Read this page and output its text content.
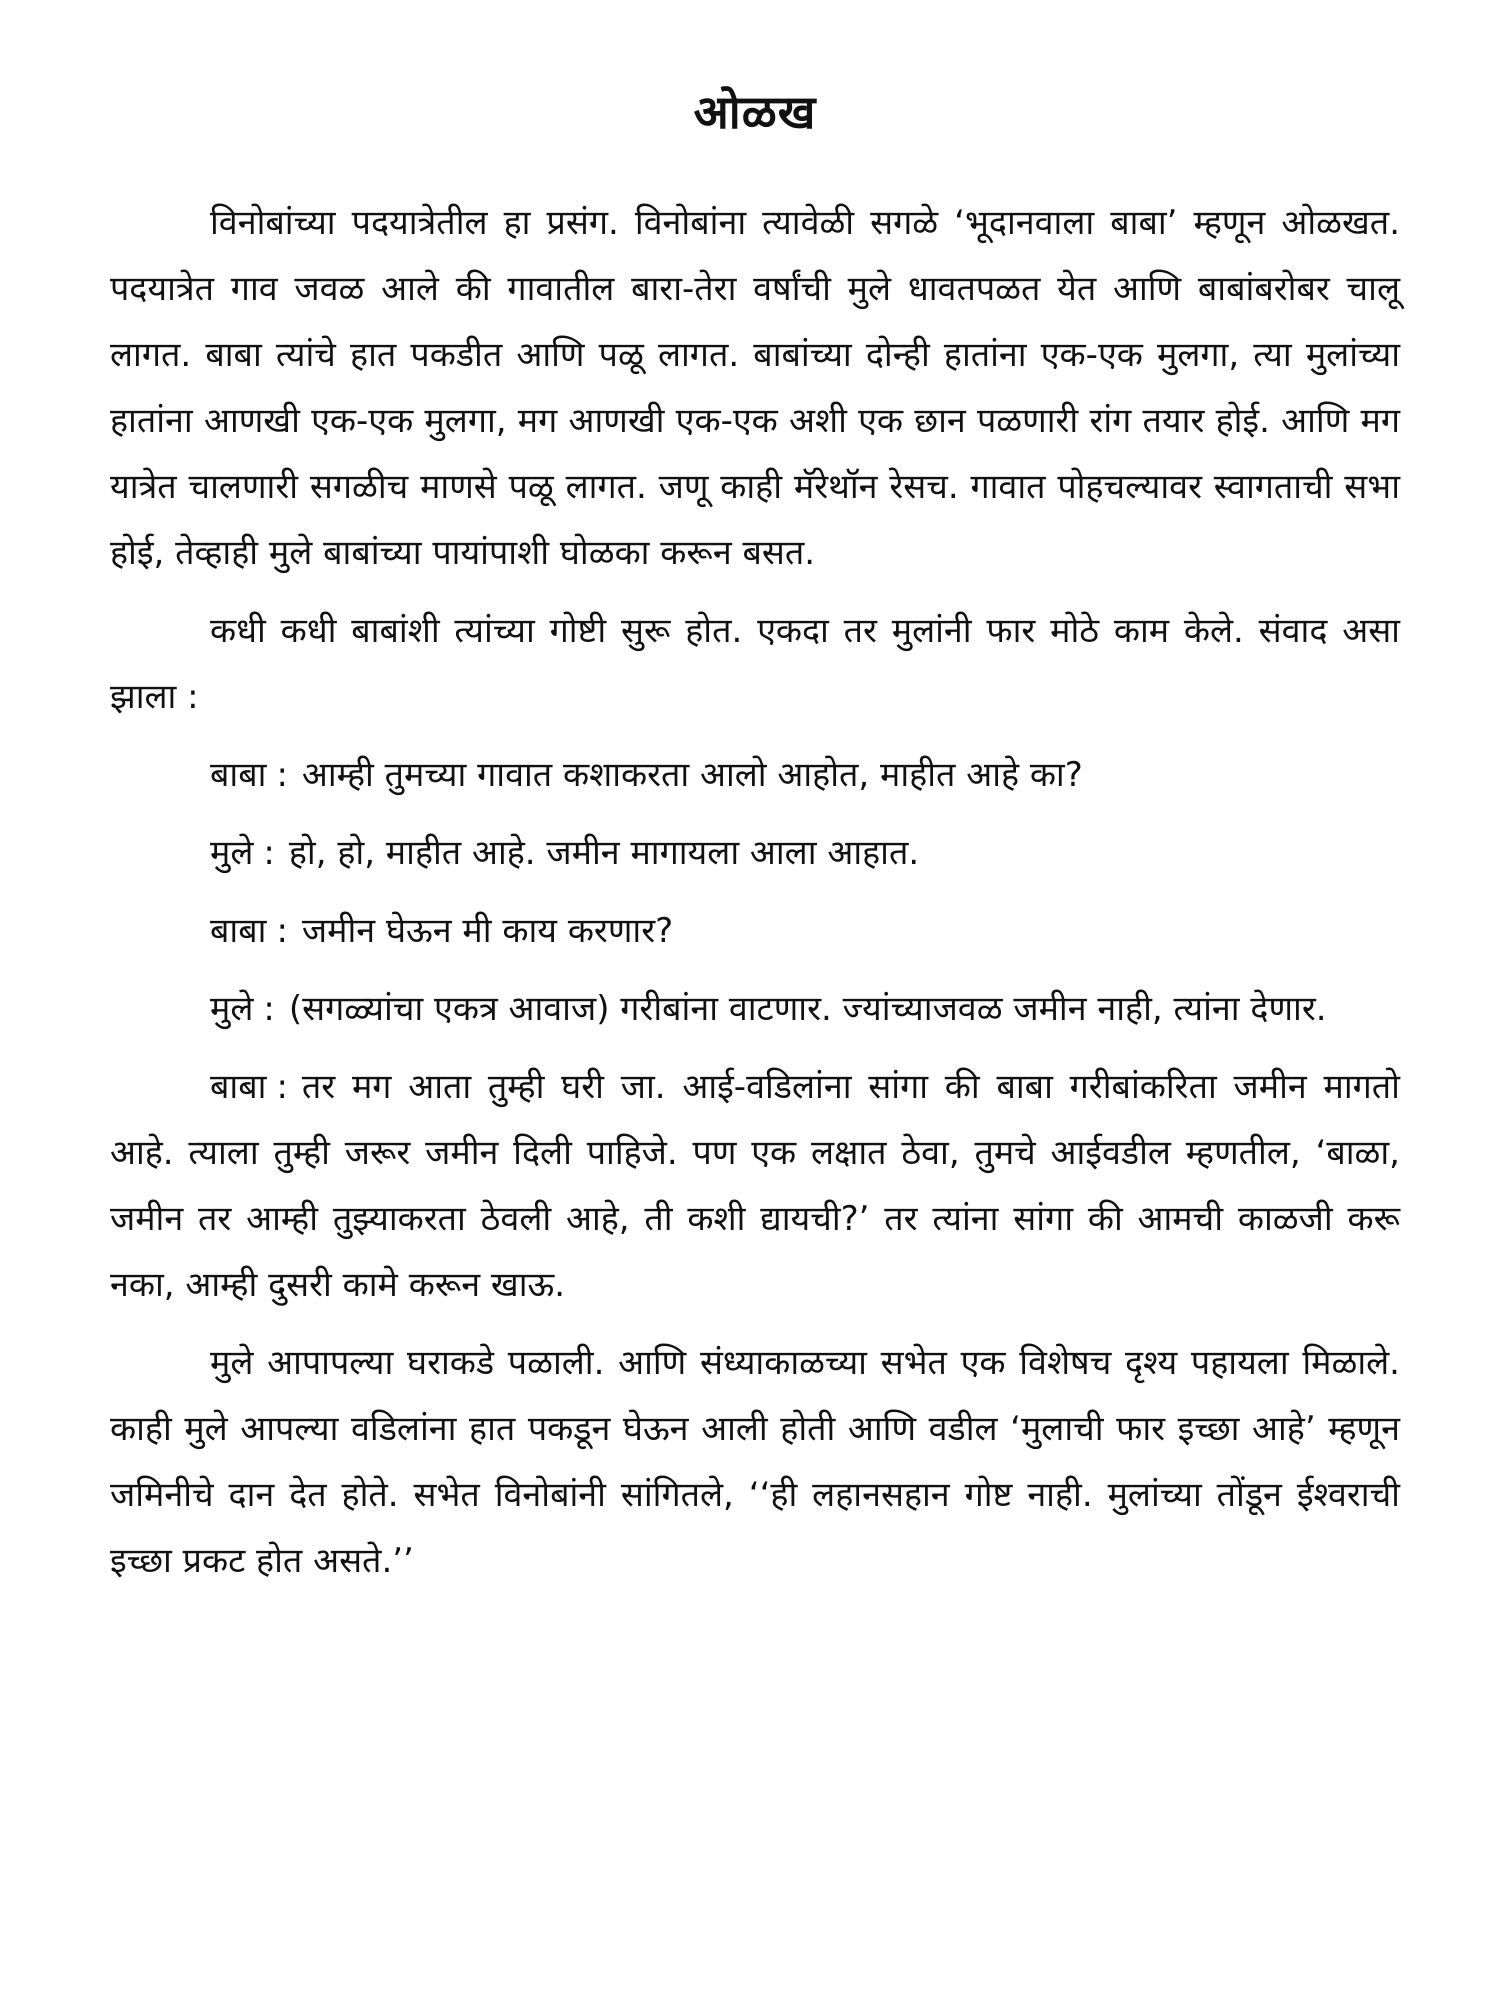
ओळख

विनोबांच्या पदयात्रेतील हा प्रसंग. विनोबांना त्यावेळी सगळे ‘भूदानवाला बाबा’ म्हणून ओळखत. पदयात्रेत गाव जवळ आले की गावातील बारा-तेरा वर्षांची मुले धावतपळत येत आणि बाबांबरोबर चालू लागत. बाबा त्यांचे हात पकडीत आणि पळू लागत. बाबांच्या दोन्ही हातांना एक-एक मुलगा, त्या मुलांच्या हातांना आणखी एक-एक मुलगा, मग आणखी एक-एक अशी एक छान पळणारी रांग तयार होई. आणि मग यात्रेत चालणारी सगळीच माणसे पळू लागत. जणू काही मॅरेथॉन रेसच. गावात पोहचल्यावर स्वागताची सभा होई, तेव्हाही मुले बाबांच्या पायांपाशी घोळका करून बसत.

कधी कधी बाबांशी त्यांच्या गोष्टी सुरू होत. एकदा तर मुलांनी फार मोठे काम केले. संवाद असा झाला :

बाबा : आम्ही तुमच्या गावात कशाकरता आलो आहोत, माहीत आहे का?

मुले : हो, हो, माहीत आहे. जमीन मागायला आला आहात.

बाबा : जमीन घेऊन मी काय करणार?

मुले : (सगळ्यांचा एकत्र आवाज) गरीबांना वाटणार. ज्यांच्याजवळ जमीन नाही, त्यांना देणार.

बाबा : तर मग आता तुम्ही घरी जा. आई-वडिलांना सांगा की बाबा गरीबांकरिता जमीन मागतो आहे. त्याला तुम्ही जरूर जमीन दिली पाहिजे. पण एक लक्षात ठेवा, तुमचे आईवडील म्हणतील, ‘बाळा, जमीन तर आम्ही तुझ्याकरता ठेवली आहे, ती कशी द्यायची?’ तर त्यांना सांगा की आमची काळजी करू नका, आम्ही दुसरी कामे करून खाऊ.

मुले आपापल्या घराकडे पळाली. आणि संध्याकाळच्या सभेत एक विशेषच दृश्य पहायला मिळाले. काही मुले आपल्या वडिलांना हात पकडून घेऊन आली होती आणि वडील ‘मुलाची फार इच्छा आहे’ म्हणून जमिनीचे दान देत होते. सभेत विनोबांनी सांगितले, ‘‘ही लहानसहान गोष्ट नाही. मुलांच्या तोंडून ईश्वराची इच्छा प्रकट होत असते.’’
